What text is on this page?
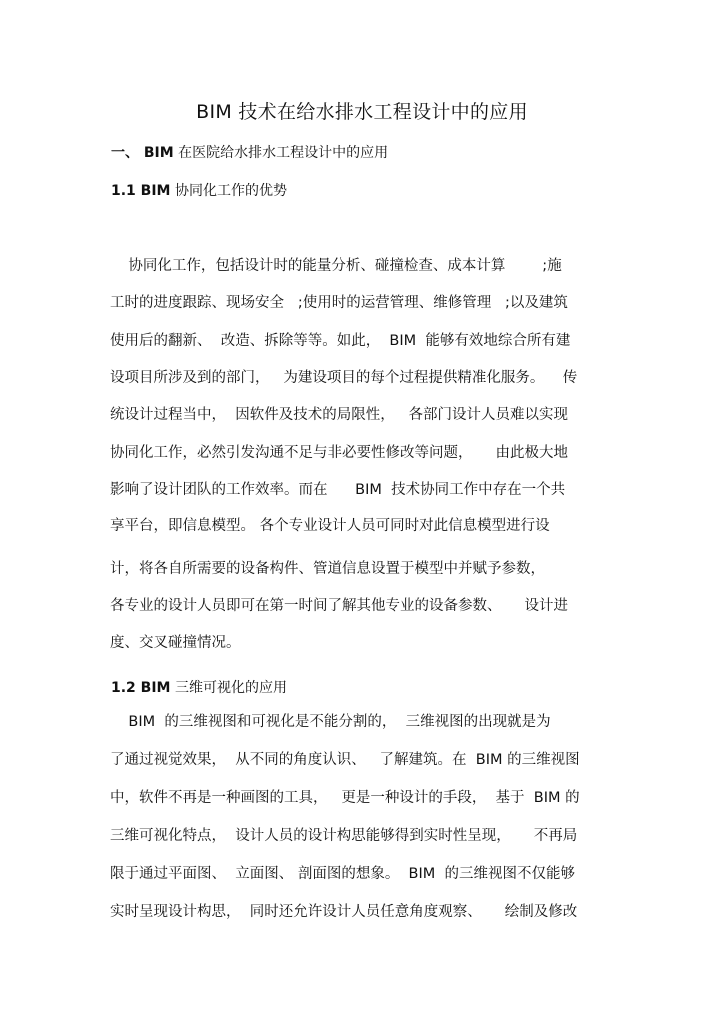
BIM 技术在给水排水工程设计中的应用
一、 BIM 在医院给水排水工程设计中的应用
1.1 BIM 协同化工作的优势
协同化工作，包括设计时的能量分析、碰撞检查、成本计算        ;施
工时的进度跟踪、现场安全   ;使用时的运营管理、维修管理   ;以及建筑
使用后的翻新、  改造、拆除等等。如此，  BIM  能够有效地综合所有建
设项目所涉及到的部门，   为建设项目的每个过程提供精准化服务。    传
统设计过程当中，  因软件及技术的局限性，   各部门设计人员难以实现
协同化工作，必然引发沟通不足与非必要性修改等问题，     由此极大地
影响了设计团队的工作效率。而在      BIM  技术协同工作中存在一个共
享平台，即信息模型。 各个专业设计人员可同时对此信息模型进行设
计，将各自所需要的设备构件、管道信息设置于模型中并赋予参数，
各专业的设计人员即可在第一时间了解其他专业的设备参数、     设计进
度、交叉碰撞情况。
1.2 BIM 三维可视化的应用
BIM  的三维视图和可视化是不能分割的，  三维视图的出现就是为
了通过视觉效果，  从不同的角度认识、   了解建筑。在  BIM 的三维视图
中，软件不再是一种画图的工具，   更是一种设计的手段，  基于  BIM 的
三维可视化特点，  设计人员的设计构思能够得到实时性呈现，     不再局
限于通过平面图、  立面图、 剖面图的想象。  BIM  的三维视图不仅能够
实时呈现设计构思，  同时还允许设计人员任意角度观察、     绘制及修改
